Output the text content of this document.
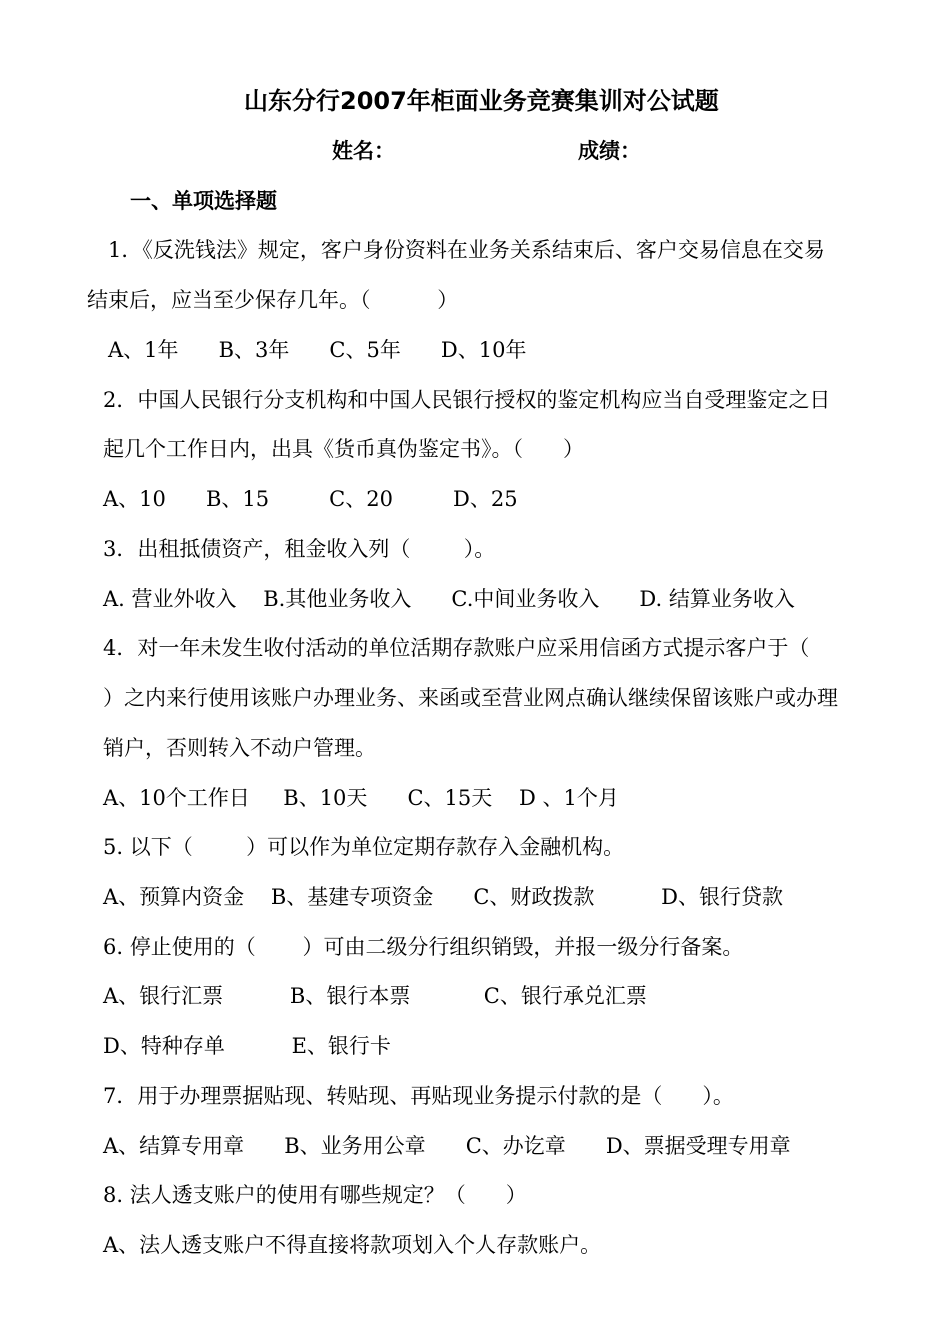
山东分行2007年柜面业务竞赛集训对公试题
姓名：	成绩：
一、单项选择题
1．《反洗钱法》规定，客户身份资料在业务关系结束后、客户交易信息在交易
结束后，应当至少保存几年。（          ）
A、1年      B、3年      C、5年      D、10年
2．中国人民银行分支机构和中国人民银行授权的鉴定机构应当自受理鉴定之日
起几个工作日内，出具《货币真伪鉴定书》。（      ）
A、10      B、15         C、20         D、25
3．出租抵债资产，租金收入列（        ）。
A. 营业外收入    B.其他业务收入      C.中间业务收入      D. 结算业务收入
4．对一年未发生收付活动的单位活期存款账户应采用信函方式提示客户于（
）之内来行使用该账户办理业务、来函或至营业网点确认继续保留该账户或办理
销户，否则转入不动户管理。
A、10个工作日     B、10天      C、15天    D 、1个月
5. 以下（        ）可以作为单位定期存款存入金融机构。
A、预算内资金    B、基建专项资金      C、财政拨款          D、银行贷款
6. 停止使用的（       ）可由二级分行组织销毁，并报一级分行备案。
A、银行汇票          B、银行本票           C、银行承兑汇票
D、特种存单          E、银行卡
7．用于办理票据贴现、转贴现、再贴现业务提示付款的是（      ）。
A、结算专用章      B、业务用公章      C、办讫章      D、票据受理专用章
8. 法人透支账户的使用有哪些规定？（      ）
A、法人透支账户不得直接将款项划入个人存款账户。
